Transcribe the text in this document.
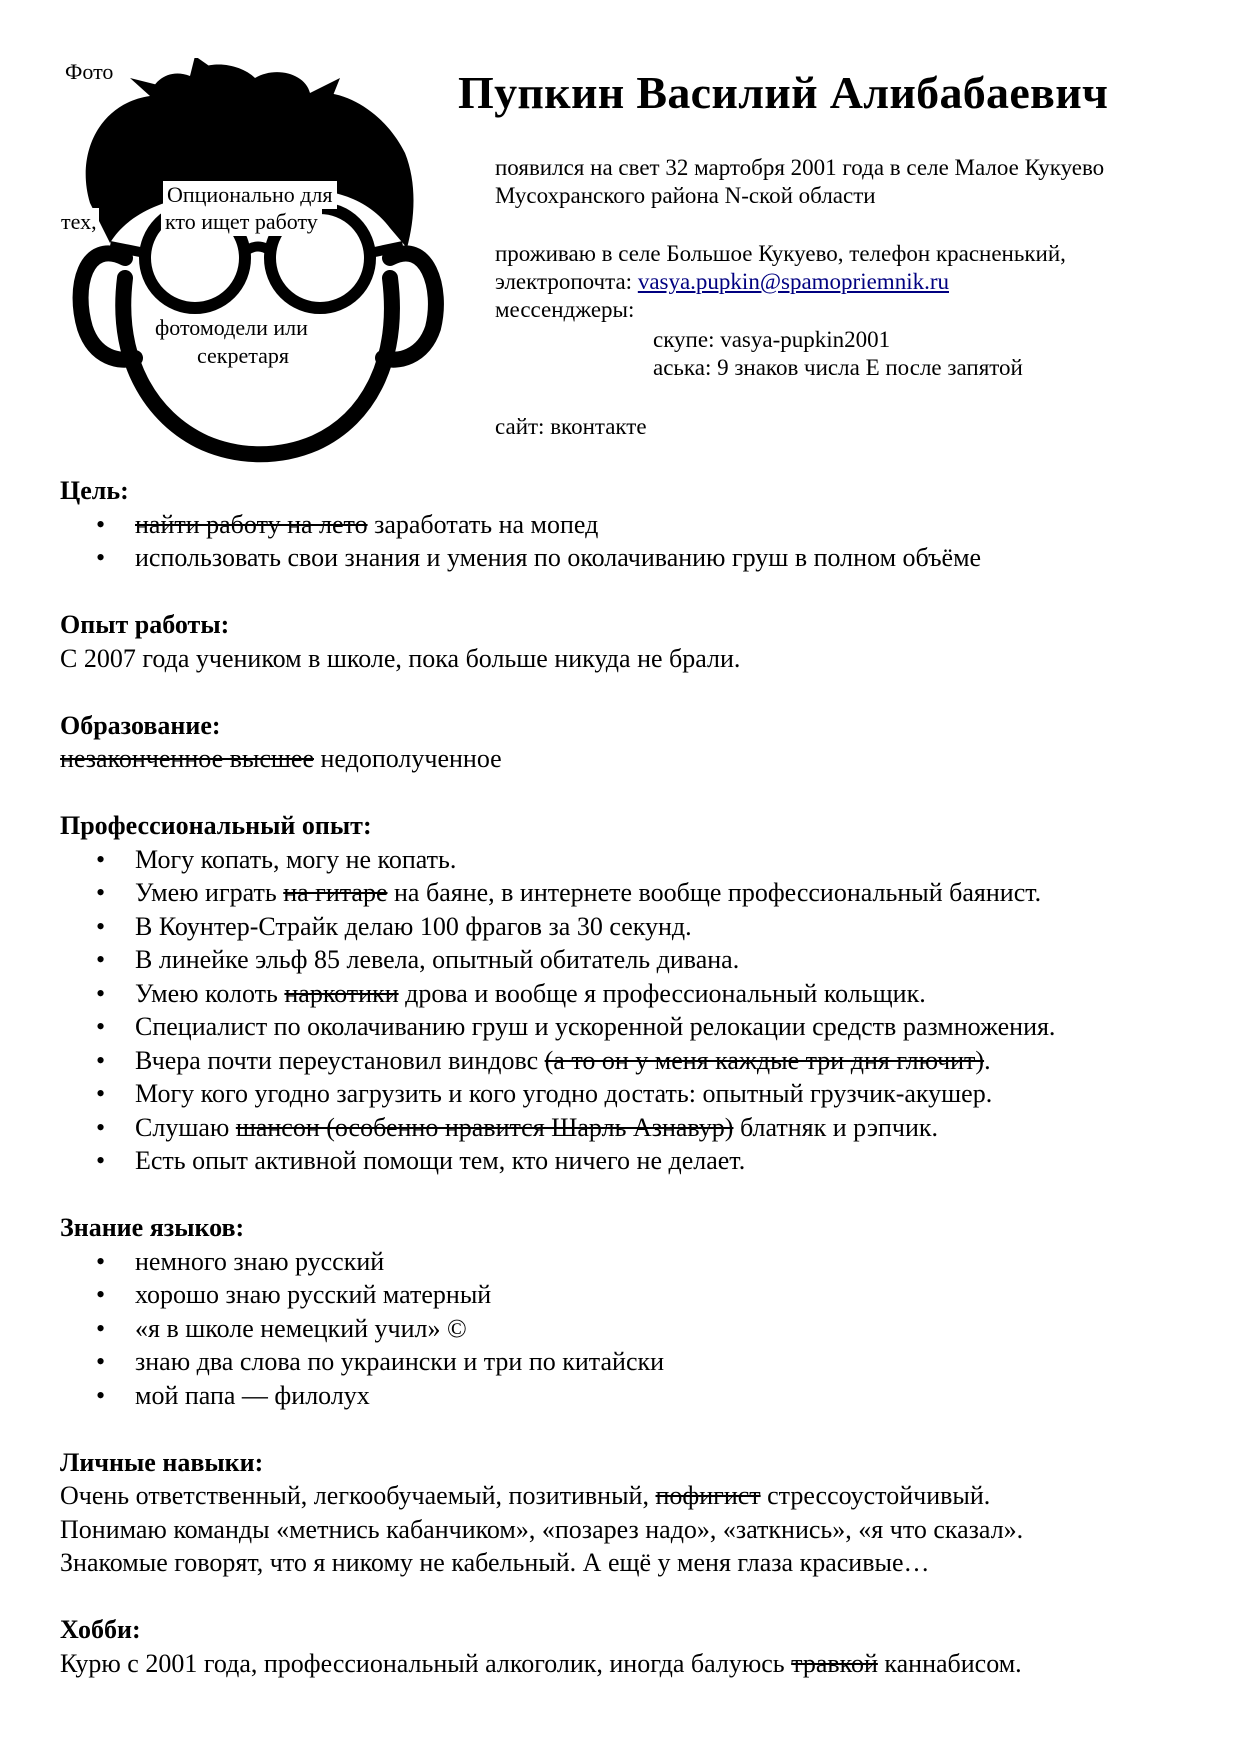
Фото
Опционально для
тех,	кто ищет работу
фотомодели или
секретаря
Пупкин Василий Алибабаевич
появился на свет 32 мартобря 2001 года в селе Малое Кукуево
Мусохранского района N-ской области
проживаю в селе Большое Кукуево, телефон красненький,
электропочта: vasya.pupkin@spamopriemnik.ru
мессенджеры:
скупе: vasya-pupkin2001
аська: 9 знаков числа Е после запятой
сайт: вконтакте
Цель:
• найти работу на лето заработать на мопед
• использовать свои знания и умения по околачиванию груш в полном объёме
Опыт работы:
С 2007 года учеником в школе, пока больше никуда не брали.
Образование:
незаконченное высшее недополученное
Профессиональный опыт:
• Могу копать, могу не копать.
• Умею играть на гитаре на баяне, в интернете вообще профессиональный баянист.
• В Коунтер-Страйк делаю 100 фрагов за 30 секунд.
• В линейке эльф 85 левела, опытный обитатель дивана.
• Умею колоть наркотики дрова и вообще я профессиональный кольщик.
• Специалист по околачиванию груш и ускоренной релокации средств размножения.
• Вчера почти переустановил виндовс (а то он у меня каждые три дня глючит).
• Могу кого угодно загрузить и кого угодно достать: опытный грузчик-акушер.
• Слушаю шансон (особенно нравится Шарль Азнавур) блатняк и рэпчик.
• Есть опыт активной помощи тем, кто ничего не делает.
Знание языков:
• немного знаю русский
• хорошо знаю русский матерный
• «я в школе немецкий учил» ©
• знаю два слова по украински и три по китайски
• мой папа — филолух
Личные навыки:
Очень ответственный, легкообучаемый, позитивный, пофигист стрессоустойчивый.
Понимаю команды «метнись кабанчиком», «позарез надо», «заткнись», «я что сказал».
Знакомые говорят, что я никому не кабельный. А ещё у меня глаза красивые…
Хобби:
Курю с 2001 года, профессиональный алкоголик, иногда балуюсь травкой каннабисом.
